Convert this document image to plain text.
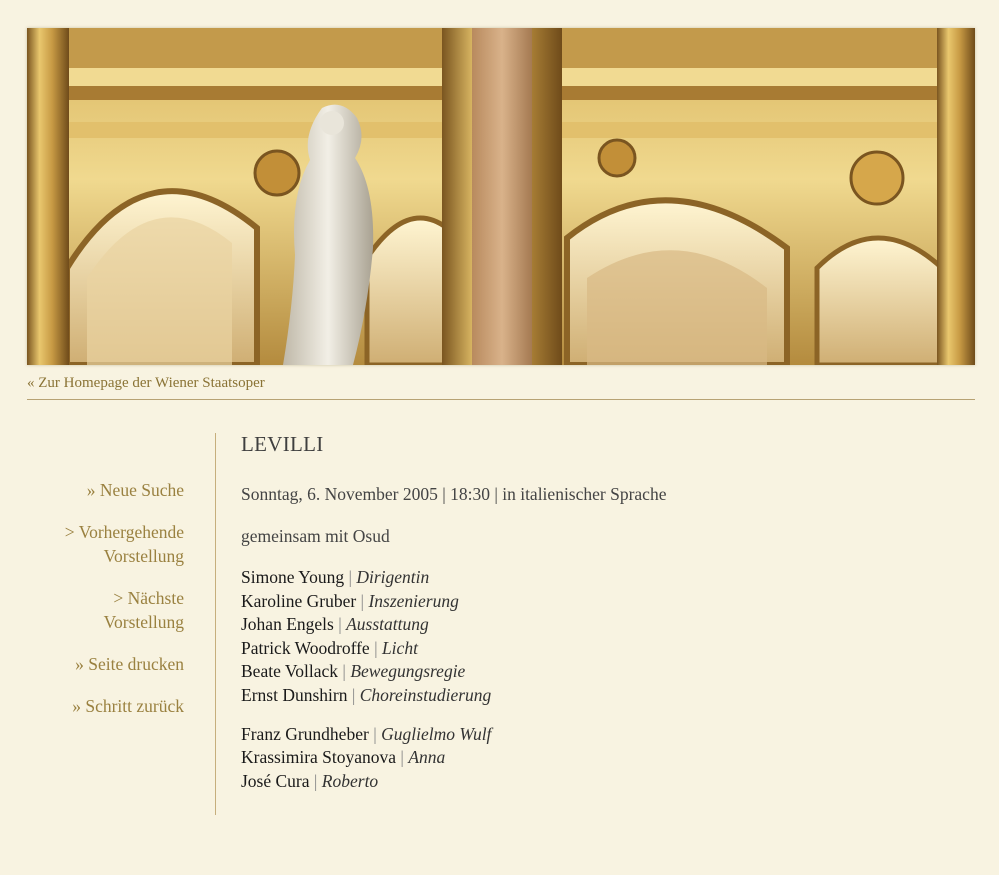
« Zur Homepage der Wiener Staatsoper
» Neue Suche
> Vorhergehende
Vorstellung
> Nächste
Vorstellung
» Seite drucken
» Schritt zurück
LEVILLI

Sonntag, 6. November 2005 | 18:30 | in italienischer Sprache

gemeinsam mit Osud

Simone Young | Dirigentin
Karoline Gruber | Inszenierung
Johan Engels | Ausstattung
Patrick Woodroffe | Licht
Beate Vollack | Bewegungsregie
Ernst Dunshirn | Choreinstudierung
Franz Grundheber | Guglielmo Wulf
Krassimira Stoyanova | Anna
José Cura | Roberto
